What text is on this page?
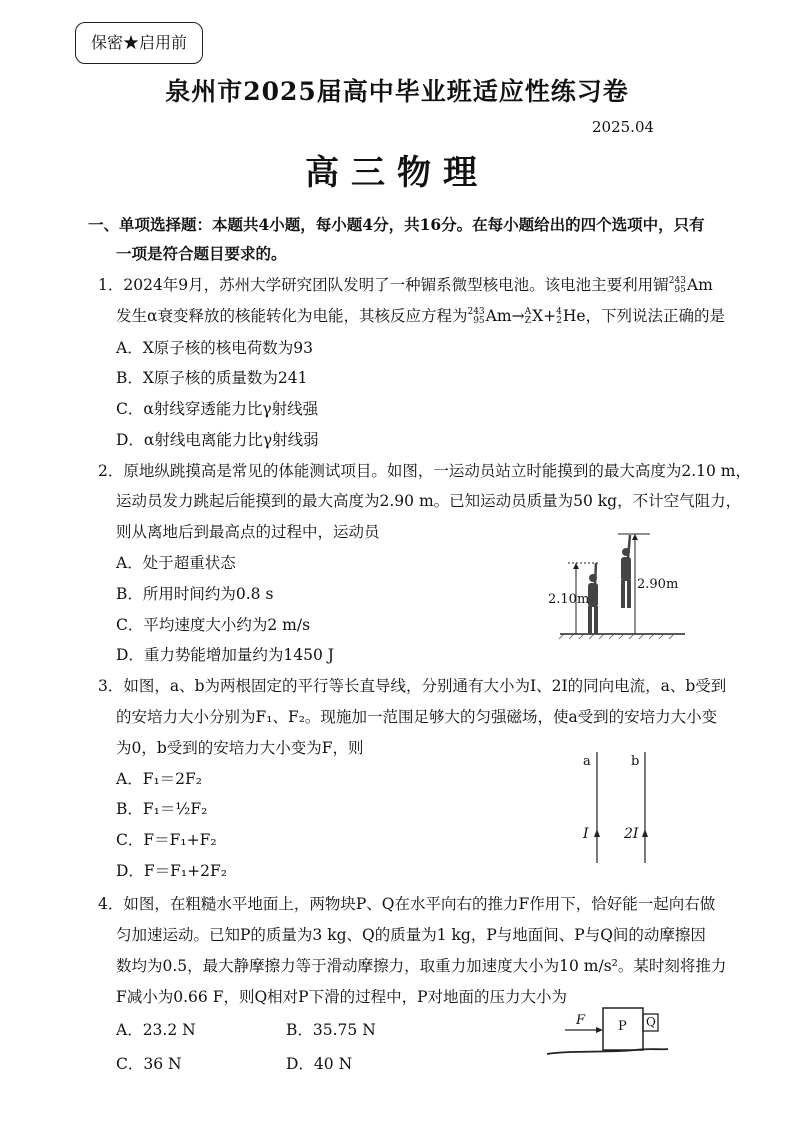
保密★启用前
泉州市2025届高中毕业班适应性练习卷
2025.04
高三物理
一、单项选择题：本题共4小题，每小题4分，共16分。在每小题给出的四个选项中，只有
一项是符合题目要求的。
1．2024年9月，苏州大学研究团队发明了一种镅系微型核电池。该电池主要利用镅 243
95 Am
发生α衰变释放的核能转化为电能，其核反应方程为 243
95 Am→ A
Z X+ 4
2 He，下列说法正确的是
A．X原子核的核电荷数为93
B．X原子核的质量数为241
C．α射线穿透能力比γ射线强
D．α射线电离能力比γ射线弱
2．原地纵跳摸高是常见的体能测试项目。如图，一运动员站立时能摸到的最大高度为2.10 m，
运动员发力跳起后能摸到的最大高度为2.90 m。已知运动员质量为50 kg，不计空气阻力，
则从离地后到最高点的过程中，运动员
A．处于超重状态
B．所用时间约为0.8 s
C．平均速度大小约为2 m/s
D．重力势能增加量约为1450 J
2.10m
2.90m
3．如图，a、b为两根固定的平行等长直导线，分别通有大小为I、2I的同向电流，a、b受到
的安培力大小分别为F₁、F₂。现施加一范围足够大的匀强磁场，使a受到的安培力大小变
为0，b受到的安培力大小变为F，则
A．F₁＝2F₂
B．F₁＝½F₂
C．F＝F₁+F₂
D．F＝F₁+2F₂
a	b
I	2I
4．如图，在粗糙水平地面上，两物块P、Q在水平向右的推力F作用下，恰好能一起向右做
匀加速运动。已知P的质量为3 kg、Q的质量为1 kg，P与地面间、P与Q间的动摩擦因
数均为0.5，最大静摩擦力等于滑动摩擦力，取重力加速度大小为10 m/s²。某时刻将推力
F减小为0.66 F，则Q相对P下滑的过程中，P对地面的压力大小为
A．23.2 N	B．35.75 N
C．36 N	D．40 N
F	P Q
